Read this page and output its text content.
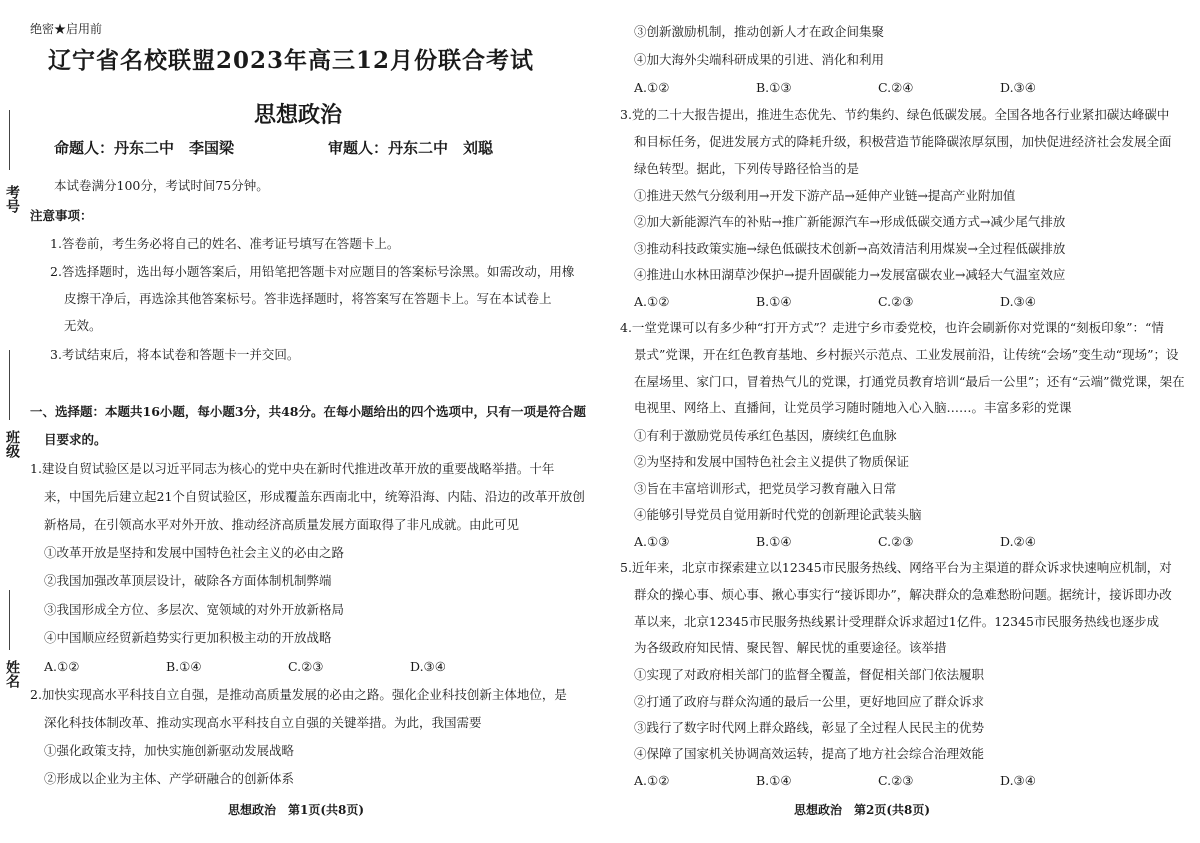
考号
班级
姓名
绝密★启用前
辽宁省名校联盟2023年高三12月份联合考试
思想政治
命题人：丹东二中　李国梁	审题人：丹东二中　刘聪
本试卷满分100分，考试时间75分钟。
注意事项：
1.答卷前，考生务必将自己的姓名、准考证号填写在答题卡上。
2.答选择题时，选出每小题答案后，用铅笔把答题卡对应题目的答案标号涂黑。如需改动，用橡
皮擦干净后，再选涂其他答案标号。答非选择题时，将答案写在答题卡上。写在本试卷上
无效。
3.考试结束后，将本试卷和答题卡一并交回。
一、选择题：本题共16小题，每小题3分，共48分。在每小题给出的四个选项中，只有一项是符合题
目要求的。
1.建设自贸试验区是以习近平同志为核心的党中央在新时代推进改革开放的重要战略举措。十年
来，中国先后建立起21个自贸试验区，形成覆盖东西南北中，统筹沿海、内陆、沿边的改革开放创
新格局，在引领高水平对外开放、推动经济高质量发展方面取得了非凡成就。由此可见
①改革开放是坚持和发展中国特色社会主义的必由之路
②我国加强改革顶层设计，破除各方面体制机制弊端
③我国形成全方位、多层次、宽领域的对外开放新格局
④中国顺应经贸新趋势实行更加积极主动的开放战略
A.①②	B.①④	C.②③	D.③④
2.加快实现高水平科技自立自强，是推动高质量发展的必由之路。强化企业科技创新主体地位，是
深化科技体制改革、推动实现高水平科技自立自强的关键举措。为此，我国需要
①强化政策支持，加快实施创新驱动发展战略
②形成以企业为主体、产学研融合的创新体系
思想政治　第1页(共8页)
③创新激励机制，推动创新人才在政企间集聚
④加大海外尖端科研成果的引进、消化和利用
A.①②	B.①③	C.②④	D.③④
3.党的二十大报告提出，推进生态优先、节约集约、绿色低碳发展。全国各地各行业紧扣碳达峰碳中
和目标任务，促进发展方式的降耗升级，积极营造节能降碳浓厚氛围，加快促进经济社会发展全面
绿色转型。据此，下列传导路径恰当的是
①推进天然气分级利用→开发下游产品→延伸产业链→提高产业附加值
②加大新能源汽车的补贴→推广新能源汽车→形成低碳交通方式→减少尾气排放
③推动科技政策实施→绿色低碳技术创新→高效清洁利用煤炭→全过程低碳排放
④推进山水林田湖草沙保护→提升固碳能力→发展富碳农业→减轻大气温室效应
A.①②	B.①④	C.②③	D.③④
4.一堂党课可以有多少种“打开方式”？走进宁乡市委党校，也许会刷新你对党课的“刻板印象”：“情
景式”党课，开在红色教育基地、乡村振兴示范点、工业发展前沿，让传统“会场”变生动“现场”；设
在屋场里、家门口，冒着热气儿的党课，打通党员教育培训“最后一公里”；还有“云端”微党课，架在
电视里、网络上、直播间，让党员学习随时随地入心入脑……。丰富多彩的党课
①有利于激励党员传承红色基因，赓续红色血脉
②为坚持和发展中国特色社会主义提供了物质保证
③旨在丰富培训形式，把党员学习教育融入日常
④能够引导党员自觉用新时代党的创新理论武装头脑
A.①③	B.①④	C.②③	D.②④
5.近年来，北京市探索建立以12345市民服务热线、网络平台为主渠道的群众诉求快速响应机制，对
群众的操心事、烦心事、揪心事实行“接诉即办”，解决群众的急难愁盼问题。据统计，接诉即办改
革以来，北京12345市民服务热线累计受理群众诉求超过1亿件。12345市民服务热线也逐步成
为各级政府知民情、聚民智、解民忧的重要途径。该举措
①实现了对政府相关部门的监督全覆盖，督促相关部门依法履职
②打通了政府与群众沟通的最后一公里，更好地回应了群众诉求
③践行了数字时代网上群众路线，彰显了全过程人民民主的优势
④保障了国家机关协调高效运转，提高了地方社会综合治理效能
A.①②	B.①④	C.②③	D.③④
思想政治　第2页(共8页)
